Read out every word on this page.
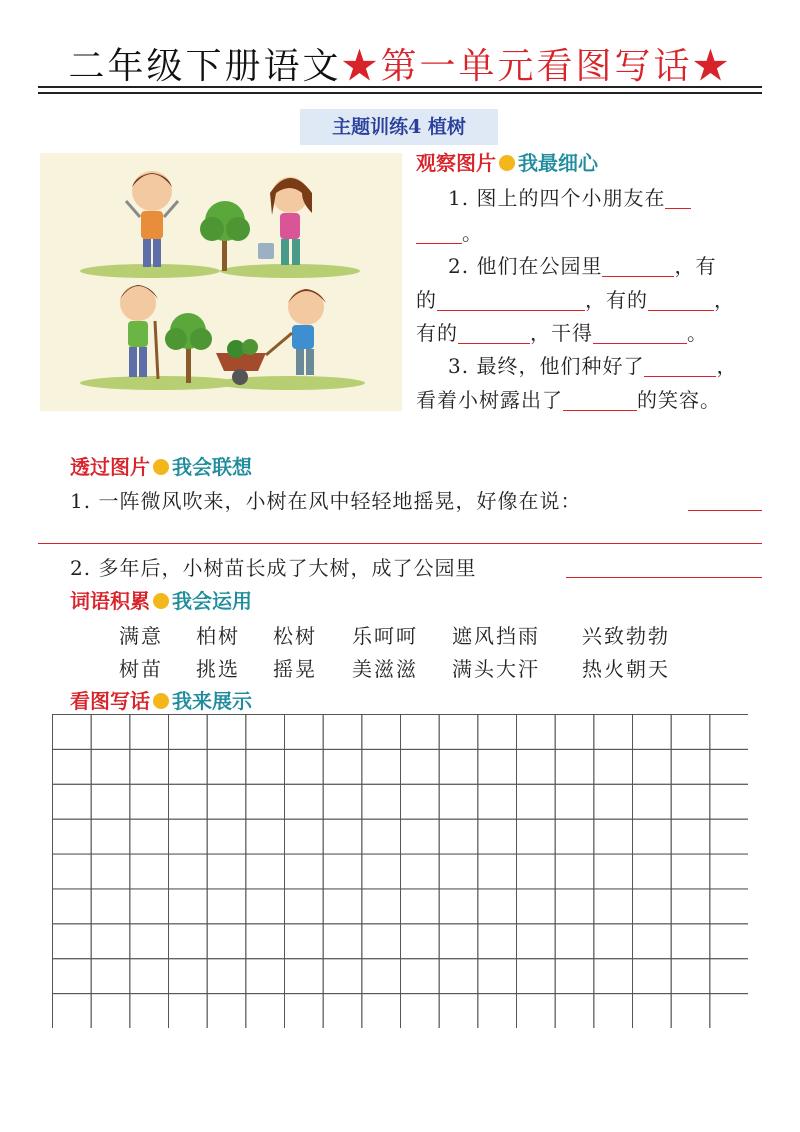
二年级下册语文★第一单元看图写话★
主题训练4 植树
观察图片 我最细心
1. 图上的四个小朋友在
。
2. 他们在公园里	，有
的	，有的	，
有的	，干得	。
3. 最终，他们种好了	，
看着小树露出了	的笑容。
透过图片 我会联想
1. 一阵微风吹来，小树在风中轻轻地摇晃，好像在说：
2. 多年后，小树苗长成了大树，成了公园里
词语积累 我会运用
满意 柏树 松树 乐呵呵 遮风挡雨 兴致勃勃
树苗 挑选 摇晃 美滋滋 满头大汗 热火朝天
看图写话 我来展示
